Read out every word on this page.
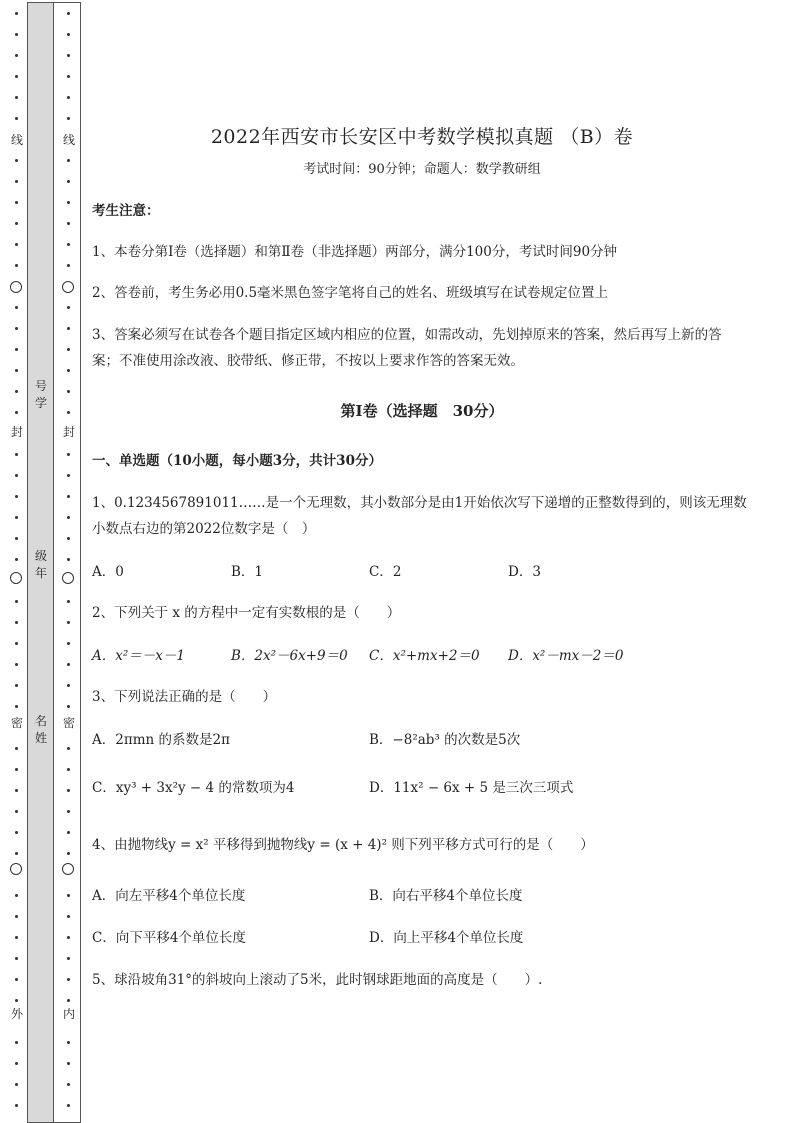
线
封
密
外
号学
级年
名姓
线
封
密
内
2022年西安市长安区中考数学模拟真题 （B）卷
考试时间：90分钟；命题人：数学教研组
考生注意：
1、本卷分第I卷（选择题）和第Ⅱ卷（非选择题）两部分，满分100分，考试时间90分钟
2、答卷前，考生务必用0.5毫米黑色签字笔将自己的姓名、班级填写在试卷规定位置上
3、答案必须写在试卷各个题目指定区域内相应的位置，如需改动，先划掉原来的答案，然后再写上新的答案；不准使用涂改液、胶带纸、修正带，不按以上要求作答的答案无效。
第I卷（选择题　30分）
一、单选题（10小题，每小题3分，共计30分）
1、0.1234567891011……是一个无理数，其小数部分是由1开始依次写下递增的正整数得到的，则该无理数小数点右边的第2022位数字是（　）
A．0	B．1	C．2	D．3
2、下列关于 x 的方程中一定有实数根的是（　　）
A．x²＝－x－1	B．2x²－6x+9＝0 C．x²+mx+2＝0 D．x²－mx－2＝0
3、下列说法正确的是（　　）
A．2πmn 的系数是2π	B．−8²ab³ 的次数是5次
C．xy³ + 3x²y − 4 的常数项为4	D．11x² − 6x + 5 是三次三项式
4、由抛物线y = x² 平移得到抛物线y = (x + 4)² 则下列平移方式可行的是（　　）
A．向左平移4个单位长度	B．向右平移4个单位长度
C．向下平移4个单位长度	D．向上平移4个单位长度
5、球沿坡角31°的斜坡向上滚动了5米，此时钢球距地面的高度是（　　）.
